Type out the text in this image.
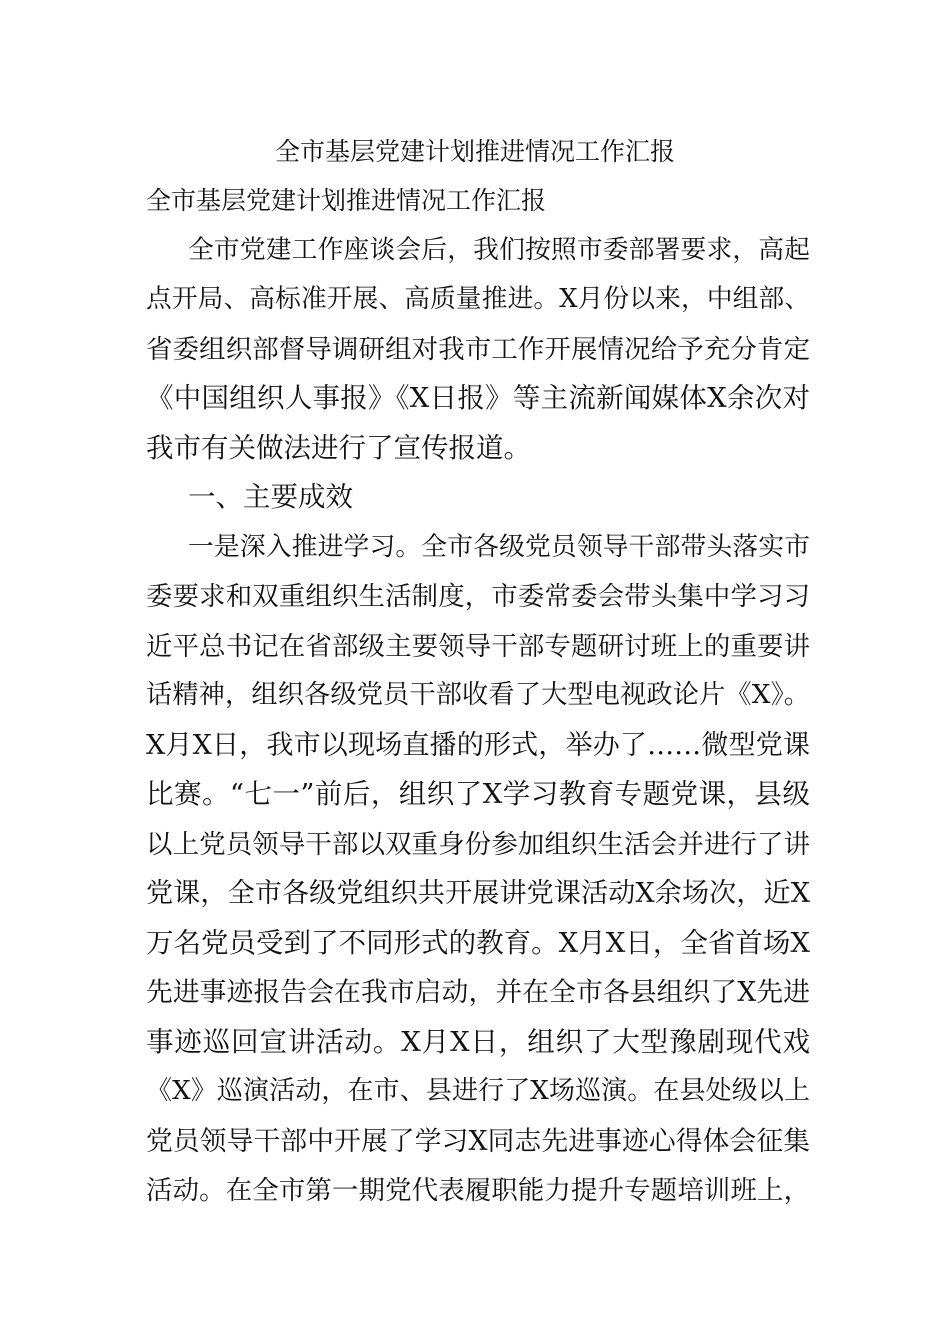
全市基层党建计划推进情况工作汇报
全市基层党建计划推进情况工作汇报
全市党建工作座谈会后，我们按照市委部署要求，高起
点开局、高标准开展、高质量推进。X月份以来，中组部、
省委组织部督导调研组对我市工作开展情况给予充分肯定
《中国组织人事报》《X日报》等主流新闻媒体X余次对
我市有关做法进行了宣传报道。
一、主要成效
一是深入推进学习。全市各级党员领导干部带头落实市
委要求和双重组织生活制度，市委常委会带头集中学习习
近平总书记在省部级主要领导干部专题研讨班上的重要讲
话精神，组织各级党员干部收看了大型电视政论片《X》。
X月X日，我市以现场直播的形式，举办了……微型党课
比赛。“七一”前后，组织了X学习教育专题党课，县级
以上党员领导干部以双重身份参加组织生活会并进行了讲
党课，全市各级党组织共开展讲党课活动X余场次，近X
万名党员受到了不同形式的教育。X月X日，全省首场X
先进事迹报告会在我市启动，并在全市各县组织了X先进
事迹巡回宣讲活动。X月X日，组织了大型豫剧现代戏
《X》巡演活动，在市、县进行了X场巡演。在县处级以上
党员领导干部中开展了学习X同志先进事迹心得体会征集
活动。在全市第一期党代表履职能力提升专题培训班上，
